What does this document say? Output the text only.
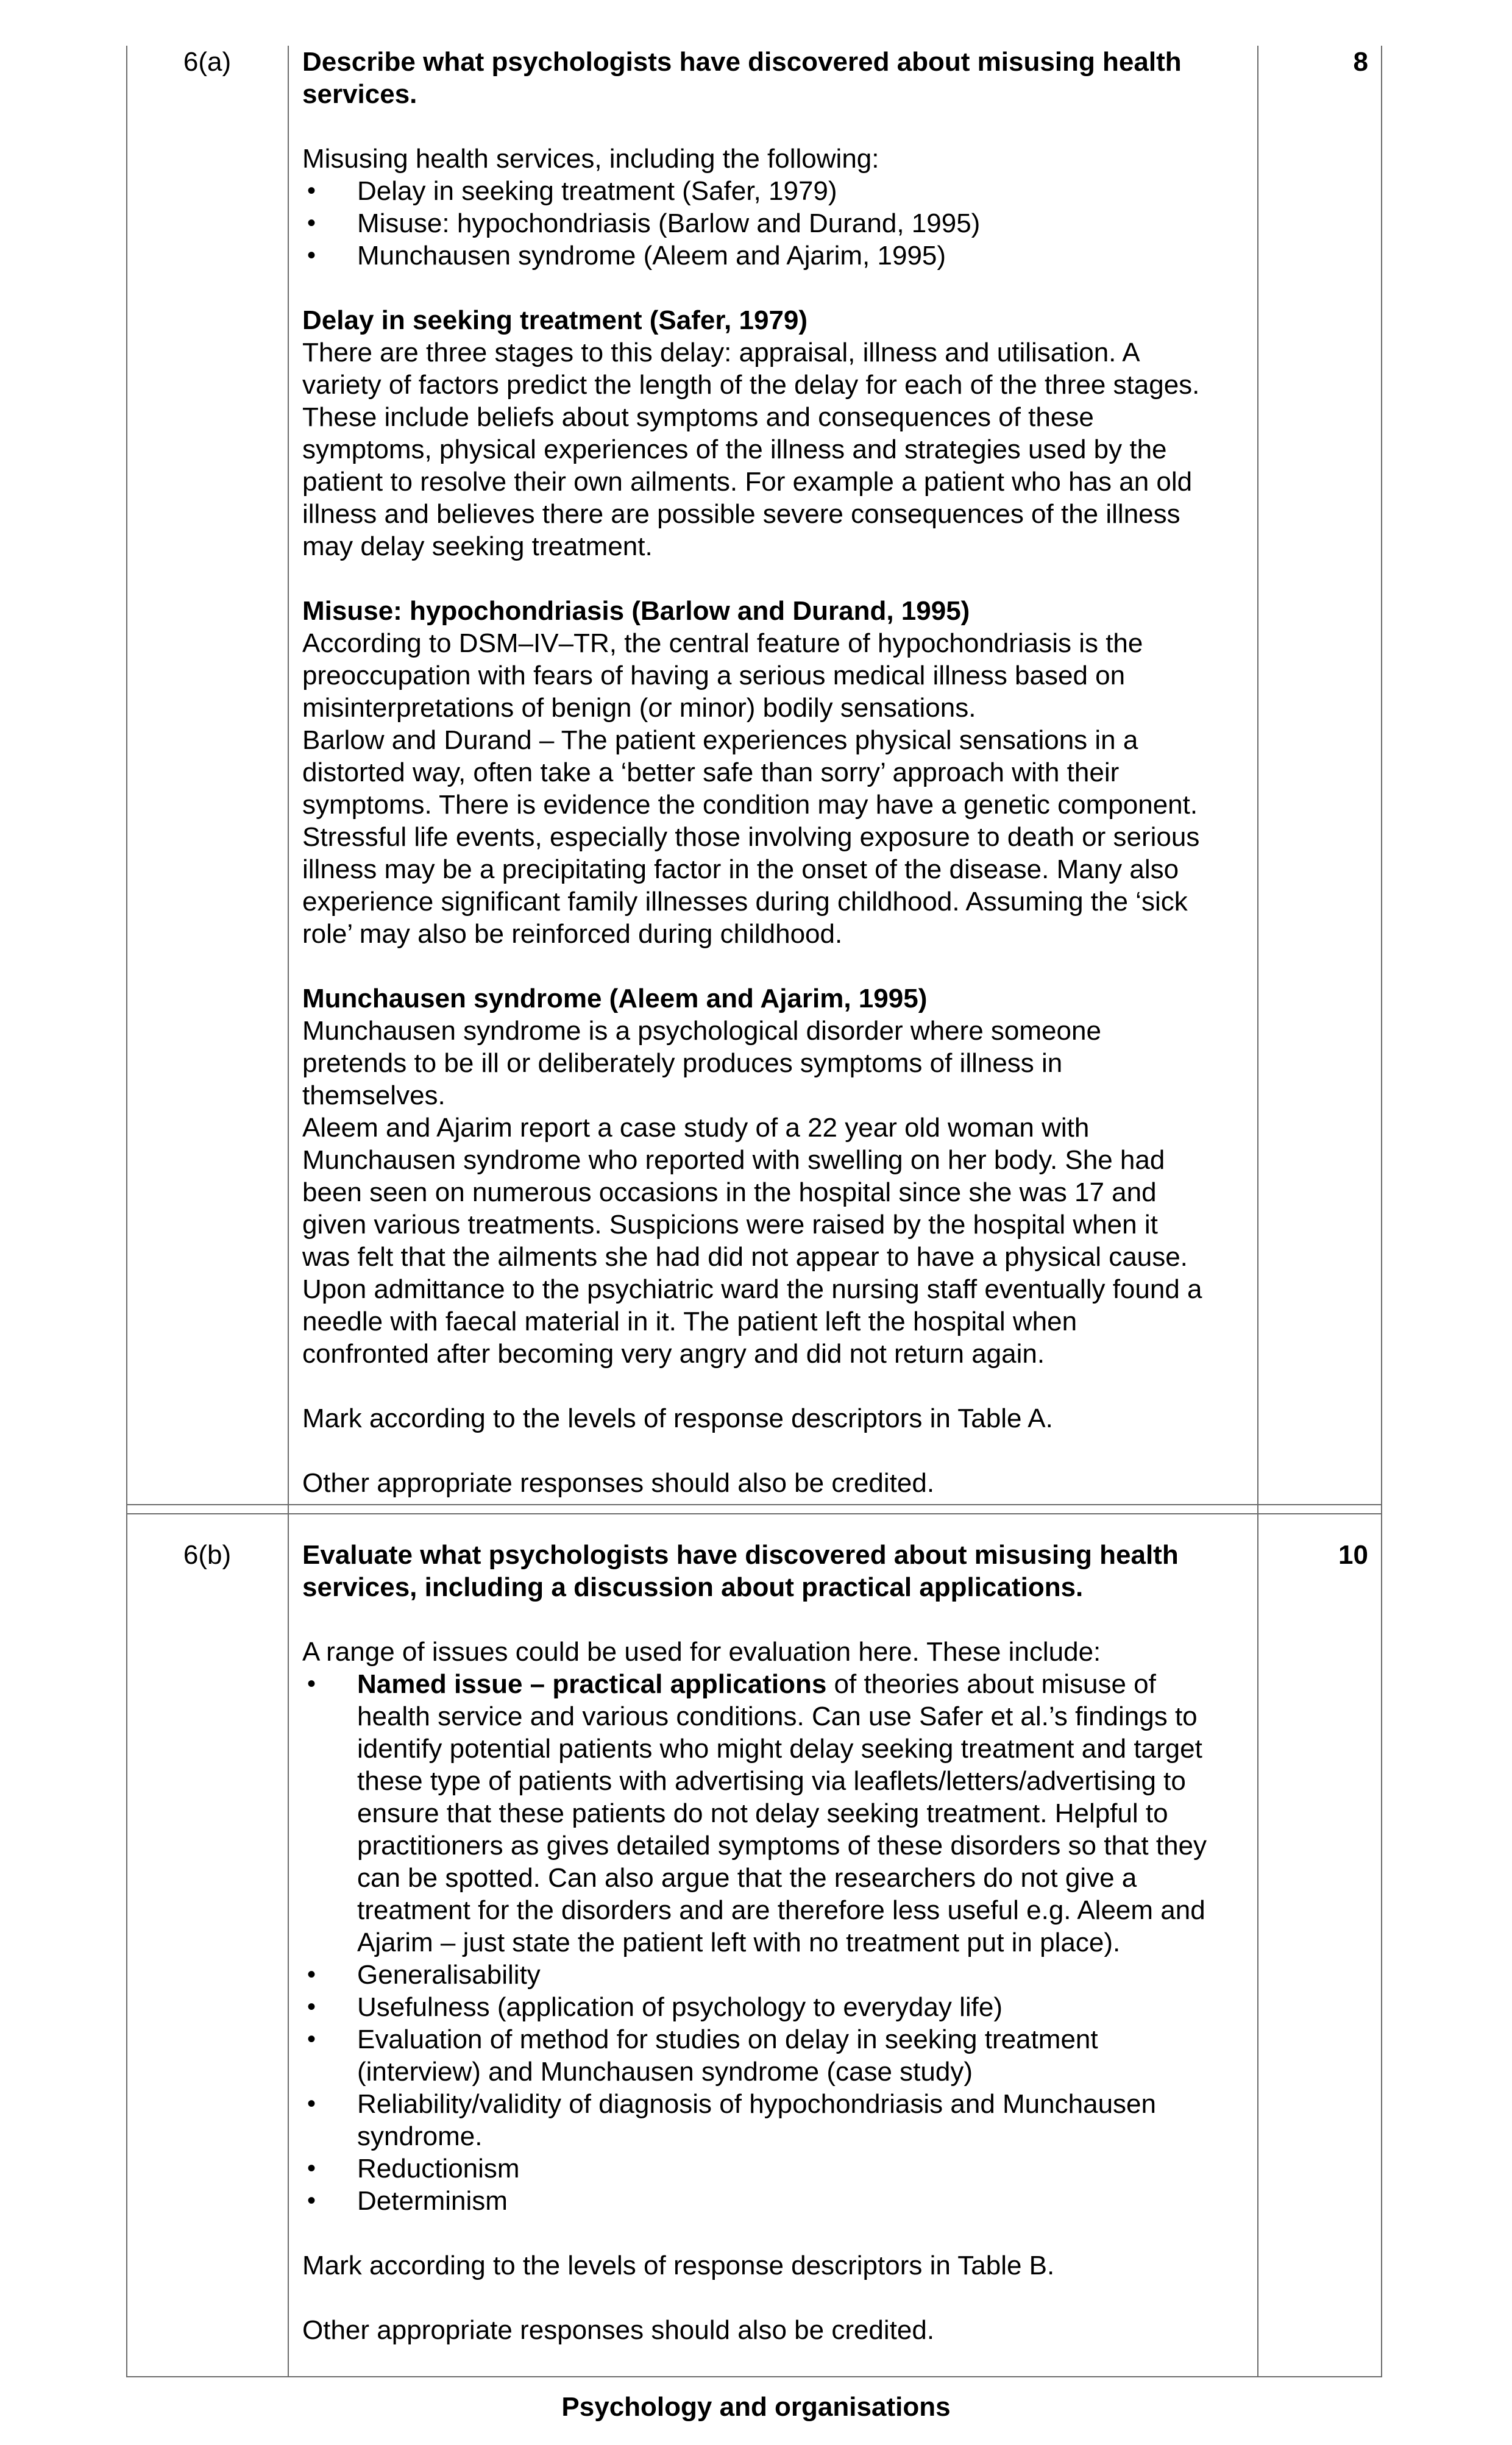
6(a)	8

Describe what psychologists have discovered about misusing health

services.

Misusing health services, including the following:

• Delay in seeking treatment (Safer, 1979)

• Misuse: hypochondriasis (Barlow and Durand, 1995)

• Munchausen syndrome (Aleem and Ajarim, 1995)

Delay in seeking treatment (Safer, 1979)

There are three stages to this delay: appraisal, illness and utilisation. A

variety of factors predict the length of the delay for each of the three stages.

These include beliefs about symptoms and consequences of these

symptoms, physical experiences of the illness and strategies used by the

patient to resolve their own ailments. For example a patient who has an old

illness and believes there are possible severe consequences of the illness

may delay seeking treatment.

Misuse: hypochondriasis (Barlow and Durand, 1995)

According to DSM–IV–TR, the central feature of hypochondriasis is the

preoccupation with fears of having a serious medical illness based on

misinterpretations of benign (or minor) bodily sensations.

Barlow and Durand – The patient experiences physical sensations in a

distorted way, often take a ‘better safe than sorry’ approach with their

symptoms. There is evidence the condition may have a genetic component.

Stressful life events, especially those involving exposure to death or serious

illness may be a precipitating factor in the onset of the disease. Many also

experience significant family illnesses during childhood. Assuming the ‘sick

role’ may also be reinforced during childhood.

Munchausen syndrome (Aleem and Ajarim, 1995)

Munchausen syndrome is a psychological disorder where someone

pretends to be ill or deliberately produces symptoms of illness in

themselves.

Aleem and Ajarim report a case study of a 22 year old woman with

Munchausen syndrome who reported with swelling on her body. She had

been seen on numerous occasions in the hospital since she was 17 and

given various treatments. Suspicions were raised by the hospital when it

was felt that the ailments she had did not appear to have a physical cause.

Upon admittance to the psychiatric ward the nursing staff eventually found a

needle with faecal material in it. The patient left the hospital when

confronted after becoming very angry and did not return again.

Mark according to the levels of response descriptors in Table A.

Other appropriate responses should also be credited.

6(b)	10

Evaluate what psychologists have discovered about misusing health

services, including a discussion about practical applications.

A range of issues could be used for evaluation here. These include:

• Named issue – practical applications of theories about misuse of

health service and various conditions. Can use Safer et al.’s findings to

identify potential patients who might delay seeking treatment and target

these type of patients with advertising via leaflets/letters/advertising to

ensure that these patients do not delay seeking treatment. Helpful to

practitioners as gives detailed symptoms of these disorders so that they

can be spotted. Can also argue that the researchers do not give a

treatment for the disorders and are therefore less useful e.g. Aleem and

Ajarim – just state the patient left with no treatment put in place).

• Generalisability

• Usefulness (application of psychology to everyday life)

• Evaluation of method for studies on delay in seeking treatment

(interview) and Munchausen syndrome (case study)

• Reliability/validity of diagnosis of hypochondriasis and Munchausen

syndrome.

• Reductionism

• Determinism

Mark according to the levels of response descriptors in Table B.

Other appropriate responses should also be credited.

Psychology and organisations
